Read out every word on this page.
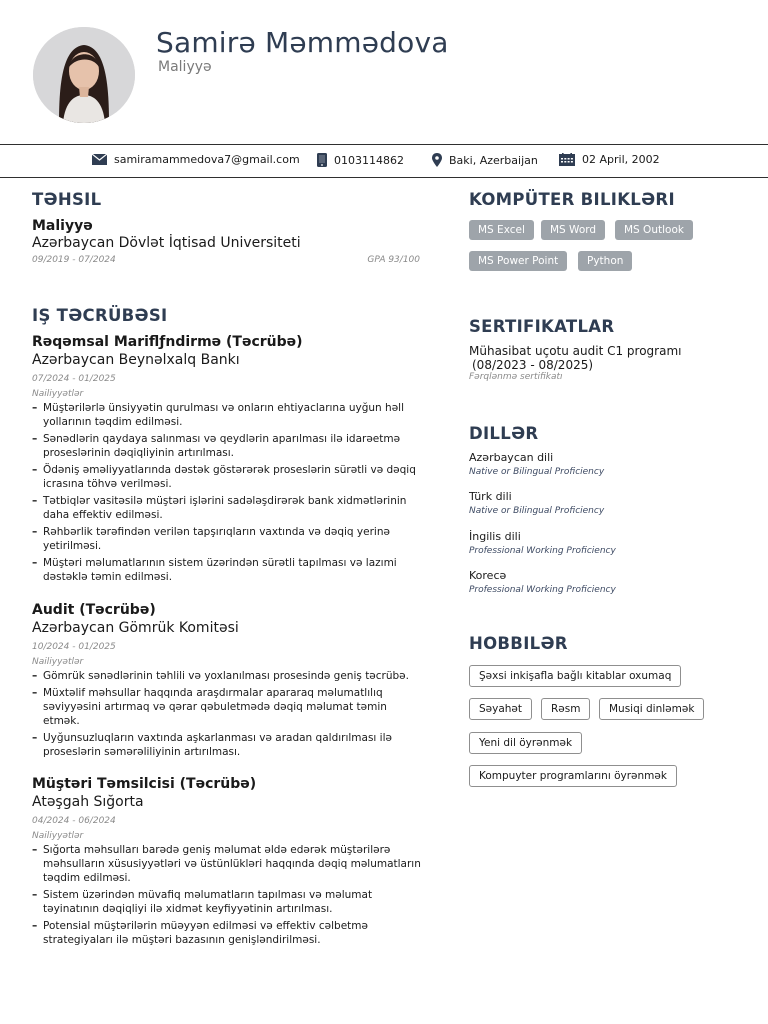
Samirə Məmmədova
Maliyyə
samiramammedova7@gmail.com	0103114862	Baki, Azerbaijan	02 April, 2002
TƏHSIL
Maliyyə
Azərbaycan Dövlət İqtisad Universiteti
09/2019 - 07/2024	GPA 93/100
IŞ TƏCRÜBƏSI
Rəqəmsal Mariflƒndirmə (Təcrübə)
Azərbaycan Beynəlxalq Bankı
07/2024 - 01/2025
Nailiyyətlər
– Müştərilərlə ünsiyyətin qurulması və onların ehtiyaclarına uyğun həll yollarının təqdim edilməsi.
– Sənədlərin qaydaya salınması və qeydlərin aparılması ilə idarəetmə proseslərinin dəqiqliyinin artırılması.
– Ödəniş əməliyyatlarında dəstək göstərərək proseslərin sürətli və dəqiq icrasına töhvə verilməsi.
– Tətbiqlər vasitəsilə müştəri işlərini sadələşdirərək bank xidmətlərinin daha effektiv edilməsi.
– Rəhbərlik tərəfindən verilən tapşırıqların vaxtında və dəqiq yerinə yetirilməsi.
– Müştəri məlumatlarının sistem üzərindən sürətli tapılması və lazımi dəstəklə təmin edilməsi.
Audit (Təcrübə)
Azərbaycan Gömrük Komitəsi
10/2024 - 01/2025
Nailiyyətlər
– Gömrük sənədlərinin təhlili və yoxlanılması prosesində geniş təcrübə.
– Müxtəlif məhsullar haqqında araşdırmalar apararaq məlumatlılıq səviyyəsini artırmaq və qərar qəbuletmədə dəqiq məlumat təmin etmək.
– Uyğunsuzluqların vaxtında aşkarlanması və aradan qaldırılması ilə proseslərin səmərəliliyinin artırılması.
Müştəri Təmsilcisi (Təcrübə)
Atəşgah Sığorta
04/2024 - 06/2024
Nailiyyətlər
– Sığorta məhsulları barədə geniş məlumat əldə edərək müştərilərə məhsulların xüsusiyyətləri və üstünlükləri haqqında dəqiq məlumatların təqdim edilməsi.
– Sistem üzərindən müvafiq məlumatların tapılması və məlumat təyinatının dəqiqliyi ilə xidmət keyfiyyətinin artırılması.
– Potensial müştərilərin müəyyən edilməsi və effektiv cəlbetmə strategiyaları ilə müştəri bazasının genişləndirilməsi.
KOMPÜTER BILIKLƏRI
MS Excel	MS Word	MS Outlook
MS Power Point	Python
SERTIFIKATLAR
Mühasibat uçotu audit C1 programı
(08/2023 - 08/2025)
Fərqlənmə sertifikatı
DILLƏR
Azərbaycan dili
Native or Bilingual Proficiency
Türk dili
Native or Bilingual Proficiency
İngilis dili
Professional Working Proficiency
Korecə
Professional Working Proficiency
HOBBILƏR
Şəxsi inkişafla bağlı kitablar oxumaq
Səyahət	Rəsm	Musiqi dinləmək
Yeni dil öyrənmək
Kompuyter programlarını öyrənmək
